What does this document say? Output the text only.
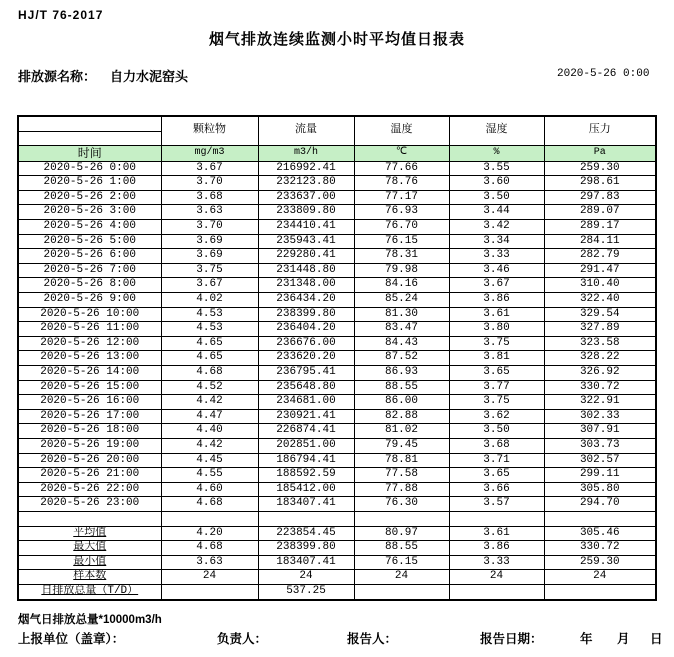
HJ/T 76-2017
烟气排放连续监测小时平均值日报表
排放源名称： 自力水泥窑头	2020-5-26 0:00
	颗粒物	流量	温度	湿度	压力

时间	mg/m3	m3/h	℃	%	Pa
2020-5-26 0:00	3.67	216992.41	77.66	3.55	259.30
2020-5-26 1:00	3.70	232123.80	78.76	3.60	298.61
2020-5-26 2:00	3.68	233637.00	77.17	3.50	297.83
2020-5-26 3:00	3.63	233809.80	76.93	3.44	289.07
2020-5-26 4:00	3.70	234410.41	76.70	3.42	289.17
2020-5-26 5:00	3.69	235943.41	76.15	3.34	284.11
2020-5-26 6:00	3.69	229280.41	78.31	3.33	282.79
2020-5-26 7:00	3.75	231448.80	79.98	3.46	291.47
2020-5-26 8:00	3.67	231348.00	84.16	3.67	310.40
2020-5-26 9:00	4.02	236434.20	85.24	3.86	322.40
2020-5-26 10:00	4.53	238399.80	81.30	3.61	329.54
2020-5-26 11:00	4.53	236404.20	83.47	3.80	327.89
2020-5-26 12:00	4.65	236676.00	84.43	3.75	323.58
2020-5-26 13:00	4.65	233620.20	87.52	3.81	328.22
2020-5-26 14:00	4.68	236795.41	86.93	3.65	326.92
2020-5-26 15:00	4.52	235648.80	88.55	3.77	330.72
2020-5-26 16:00	4.42	234681.00	86.00	3.75	322.91
2020-5-26 17:00	4.47	230921.41	82.88	3.62	302.33
2020-5-26 18:00	4.40	226874.41	81.02	3.50	307.91
2020-5-26 19:00	4.42	202851.00	79.45	3.68	303.73
2020-5-26 20:00	4.45	186794.41	78.81	3.71	302.57
2020-5-26 21:00	4.55	188592.59	77.58	3.65	299.11
2020-5-26 22:00	4.60	185412.00	77.88	3.66	305.80
2020-5-26 23:00	4.68	183407.41	76.30	3.57	294.70

平均值	4.20	223854.45	80.97	3.61	305.46
最大值	4.68	238399.80	88.55	3.86	330.72
最小值	3.63	183407.41	76.15	3.33	259.30
样本数	24	24	24	24	24
日排放总量（T/D）		537.25			
烟气日排放总量*10000m3/h
上报单位（盖章）：	负责人：	报告人：	报告日期：	年 月 日
